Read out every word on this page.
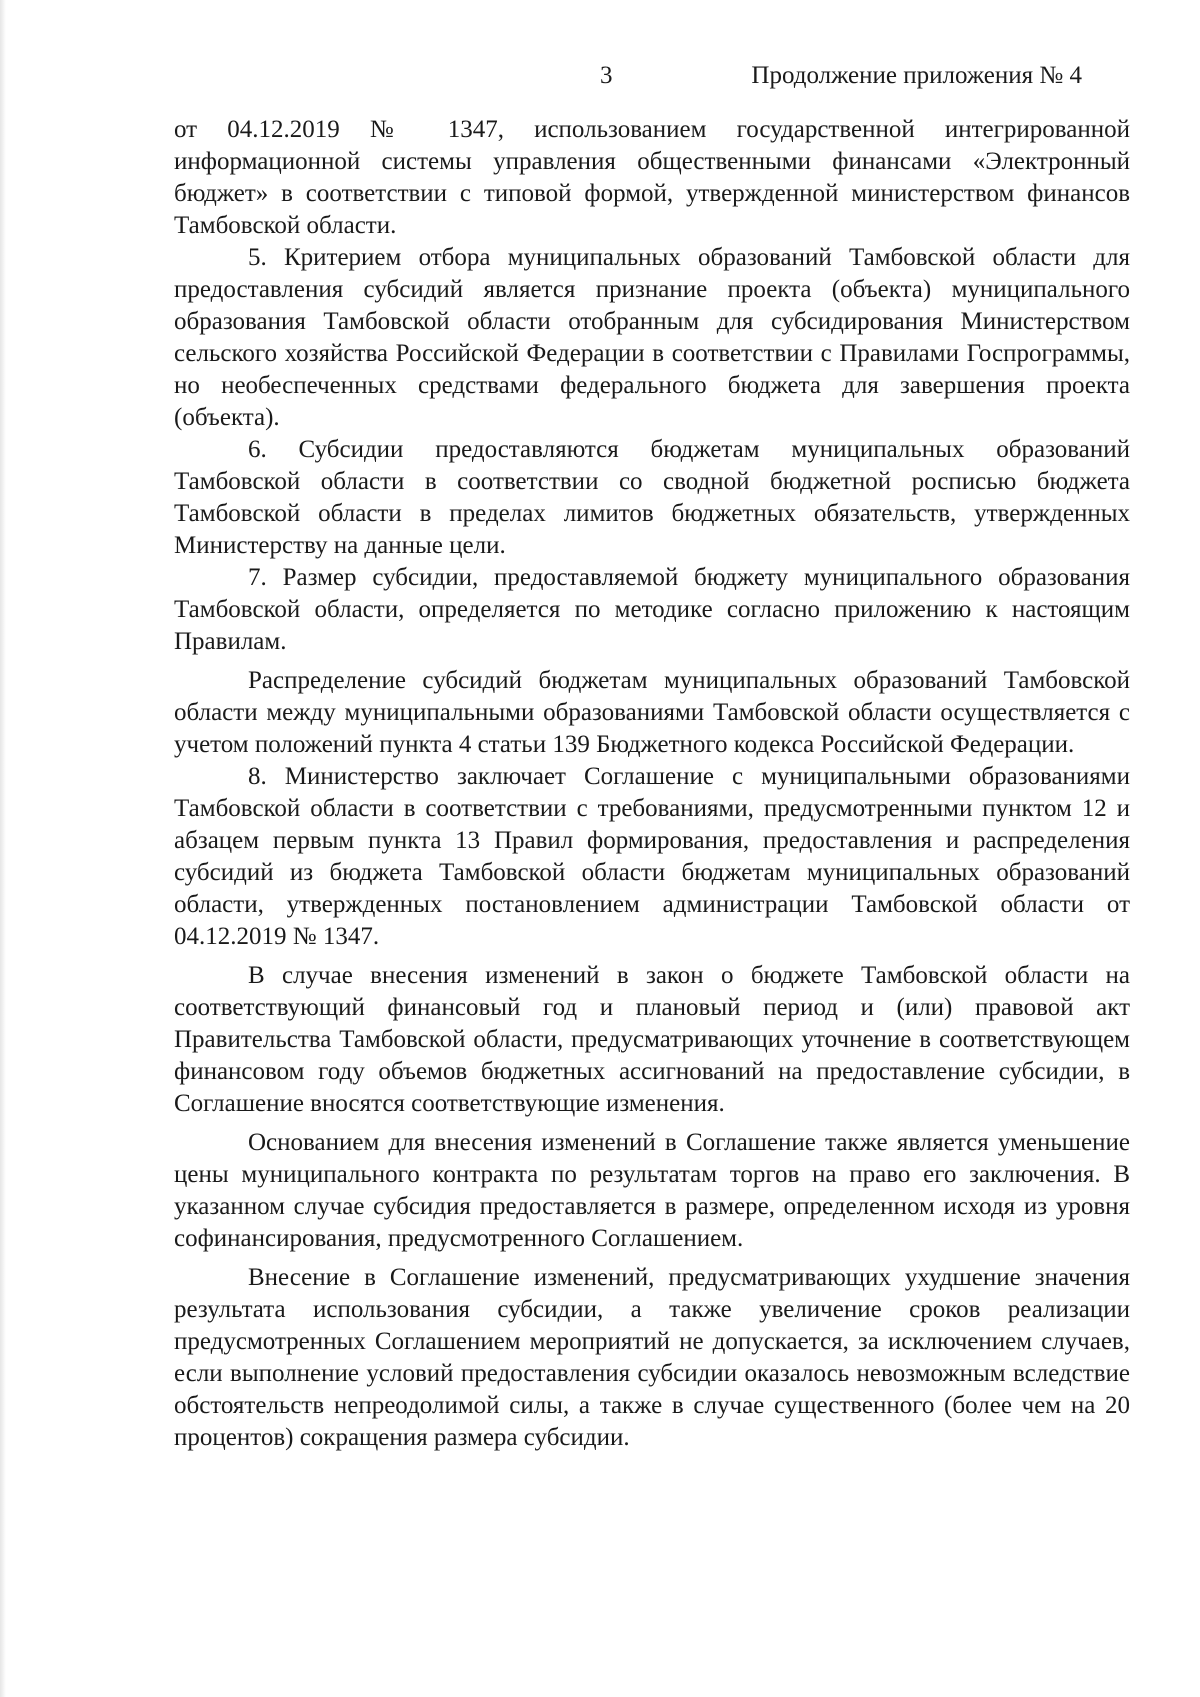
3	Продолжение приложения № 4

от 04.12.2019 № 1347, использованием государственной интегрированной информационной системы управления общественными финансами «Электронный бюджет» в соответствии с типовой формой, утвержденной министерством финансов Тамбовской области.

5. Критерием отбора муниципальных образований Тамбовской области для предоставления субсидий является признание проекта (объекта) муниципального образования Тамбовской области отобранным для субсидирования Министерством сельского хозяйства Российской Федерации в соответствии с Правилами Госпрограммы, но необеспеченных средствами федерального бюджета для завершения проекта (объекта).

6. Субсидии предоставляются бюджетам муниципальных образований Тамбовской области в соответствии со сводной бюджетной росписью бюджета Тамбовской области в пределах лимитов бюджетных обязательств, утвержденных Министерству на данные цели.

7. Размер субсидии, предоставляемой бюджету муниципального образования Тамбовской области, определяется по методике согласно приложению к настоящим Правилам.

Распределение субсидий бюджетам муниципальных образований Тамбовской области между муниципальными образованиями Тамбовской области осуществляется с учетом положений пункта 4 статьи 139 Бюджетного кодекса Российской Федерации.

8. Министерство заключает Соглашение с муниципальными образованиями Тамбовской области в соответствии с требованиями, предусмотренными пунктом 12 и абзацем первым пункта 13 Правил формирования, предоставления и распределения субсидий из бюджета Тамбовской области бюджетам муниципальных образований области, утвержденных постановлением администрации Тамбовской области от 04.12.2019 № 1347.

В случае внесения изменений в закон о бюджете Тамбовской области на соответствующий финансовый год и плановый период и (или) правовой акт Правительства Тамбовской области, предусматривающих уточнение в соответствующем финансовом году объемов бюджетных ассигнований на предоставление субсидии, в Соглашение вносятся соответствующие изменения.

Основанием для внесения изменений в Соглашение также является уменьшение цены муниципального контракта по результатам торгов на право его заключения. В указанном случае субсидия предоставляется в размере, определенном исходя из уровня софинансирования, предусмотренного Соглашением.

Внесение в Соглашение изменений, предусматривающих ухудшение значения результата использования субсидии, а также увеличение сроков реализации предусмотренных Соглашением мероприятий не допускается, за исключением случаев, если выполнение условий предоставления субсидии оказалось невозможным вследствие обстоятельств непреодолимой силы, а также в случае существенного (более чем на 20 процентов) сокращения размера субсидии.
